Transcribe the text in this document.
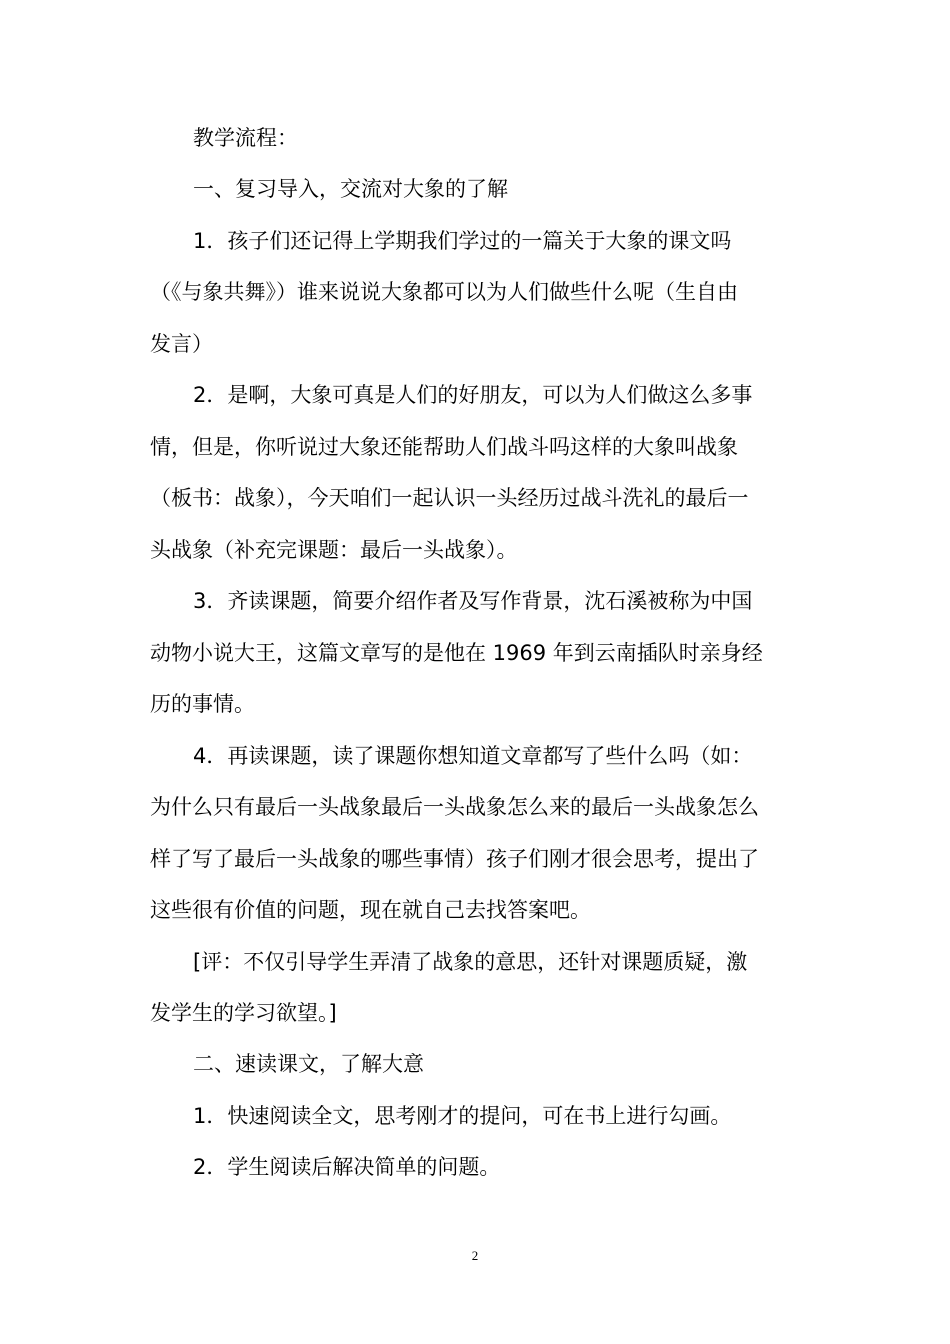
教学流程：
一、复习导入，交流对大象的了解
1．孩子们还记得上学期我们学过的一篇关于大象的课文吗
（《与象共舞》）谁来说说大象都可以为人们做些什么呢（生自由
发言）
2．是啊，大象可真是人们的好朋友，可以为人们做这么多事
情，但是，你听说过大象还能帮助人们战斗吗这样的大象叫战象
（板书：战象），今天咱们一起认识一头经历过战斗洗礼的最后一
头战象（补充完课题：最后一头战象）。
3．齐读课题，简要介绍作者及写作背景，沈石溪被称为中国
动物小说大王，这篇文章写的是他在 1969 年到云南插队时亲身经
历的事情。
4．再读课题，读了课题你想知道文章都写了些什么吗（如：
为什么只有最后一头战象最后一头战象怎么来的最后一头战象怎么
样了写了最后一头战象的哪些事情）孩子们刚才很会思考，提出了
这些很有价值的问题，现在就自己去找答案吧。
[评：不仅引导学生弄清了战象的意思，还针对课题质疑，激
发学生的学习欲望。]
二、速读课文，了解大意
1．快速阅读全文，思考刚才的提问，可在书上进行勾画。
2．学生阅读后解决简单的问题。
2
